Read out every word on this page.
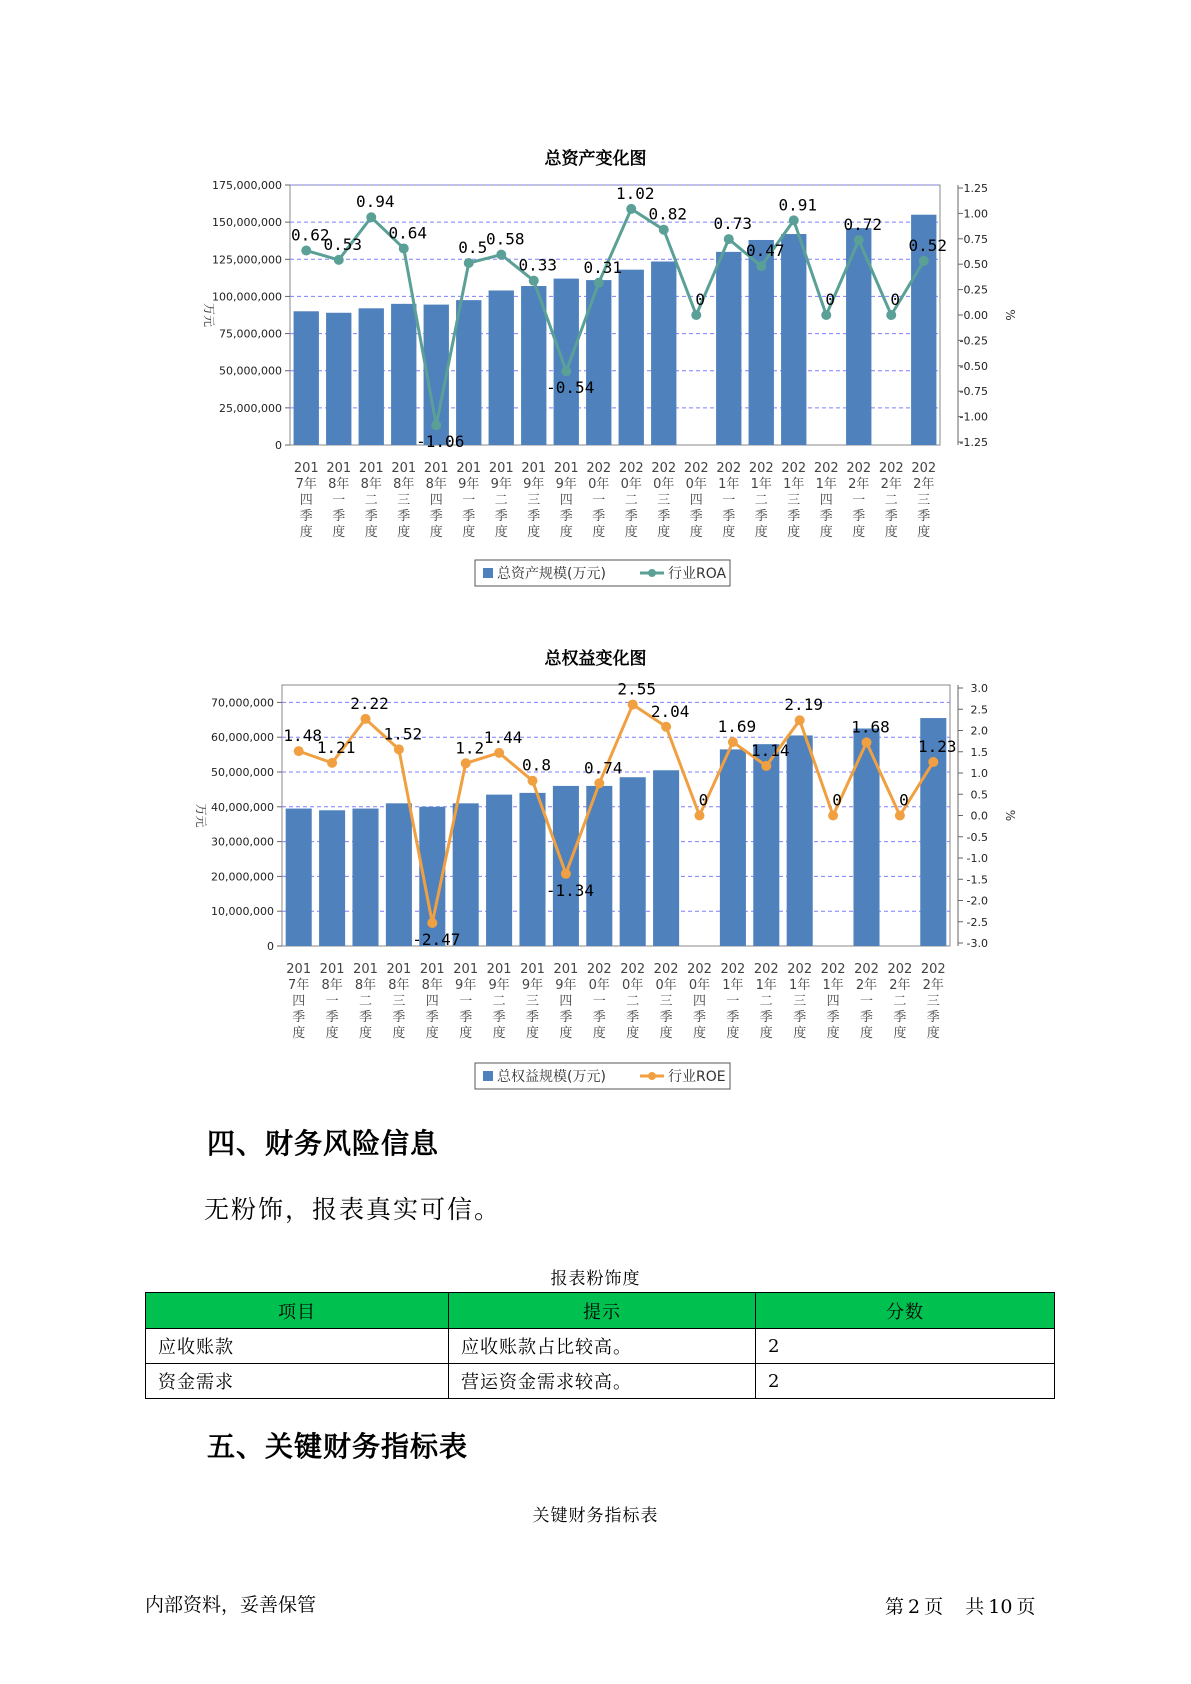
总资产变化图
0
25,000,000
50,000,000
75,000,000
100,000,000
125,000,000
150,000,000
175,000,000	1.25
1.00
0.75
0.50
0.25
0.00
-0.25
-0.50
-0.75
-1.00
-1.25
万元	%
201
7年
四
季
度
201
8年
一
季
度
201
8年
二
季
度
201
8年
三
季
度
201
8年
四
季
度
201
9年
一
季
度
201
9年
二
季
度
201
9年
三
季
度
201
9年
四
季
度
202
0年
一
季
度
202
0年
二
季
度
202
0年
三
季
度
202
0年
四
季
度
202
1年
一
季
度
202
1年
二
季
度
202
1年
三
季
度
202
1年
四
季
度
202
2年
一
季
度
202
2年
二
季
度
202
2年
三
季
度
0.62
0.53
0.94
0.64
-1.06
0.5
0.58
0.33
-0.54
0.31
1.02
0.82
0
0.73
0.47
0.91
0
0.72
0
0.52
总资产规模(万元)	行业ROA
总权益变化图
0
10,000,000
20,000,000
30,000,000
40,000,000
50,000,000
60,000,000
70,000,000
3.0
2.5
2.0
1.5
1.0
0.5
0.0
-0.5
-1.0
-1.5
-2.0
-2.5
-3.0
万元	%
201
7年
四
季
度
201
8年
一
季
度
201
8年
二
季
度
201
8年
三
季
度
201
8年
四
季
度
201
9年
一
季
度
201
9年
二
季
度
201
9年
三
季
度
201
9年
四
季
度
202
0年
一
季
度
202
0年
二
季
度
202
0年
三
季
度
202
0年
四
季
度
202
1年
一
季
度
202
1年
二
季
度
202
1年
三
季
度
202
1年
四
季
度
202
2年
一
季
度
202
2年
二
季
度
202
2年
三
季
度
1.48
1.21
2.22
1.52
-2.47
1.2
1.44
0.8
-1.34
0.74
2.55
2.04
0
1.69
1.14
2.19
0
1.68
0
1.23
总权益规模(万元)	行业ROE
四、财务风险信息
无粉饰，报表真实可信。
报表粉饰度
项目	提示	分数
应收账款	应收账款占比较高。	2
资金需求	营运资金需求较高。	2
五、关键财务指标表
关键财务指标表
内部资料，妥善保管	第 2 页 共 10 页
